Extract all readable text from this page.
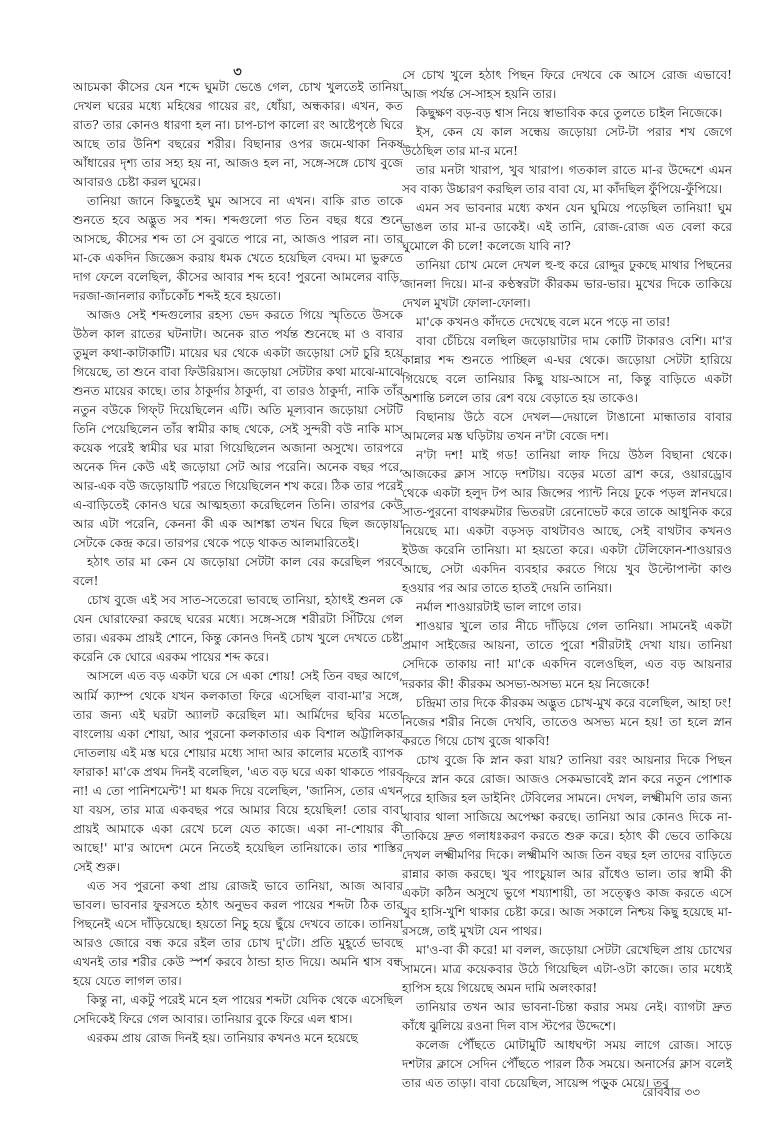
৩

আচমকা কীসের যেন শব্দে ঘুমটা ভেঙে গেল, চোখ খুলতেই তানিয়া দেখল ঘরের মধ্যে মহিষের গায়ের রং, ধোঁয়া, অন্ধকার। এখন, কত রাত? তার কোনও ধারণা হল না। চাপ-চাপ কালো রং আষ্টেপৃষ্ঠে ঘিরে আছে তার উনিশ বছরের শরীর। বিছানার ওপর জমে-থাকা নিকষ আঁধারের দৃশ্য তার সহ্য হয় না, আজও হল না, সঙ্গে-সঙ্গে চোখ বুজে আবারও চেষ্টা করল ঘুমের।

তানিয়া জানে কিছুতেই ঘুম আসবে না এখন। বাকি রাত তাকে শুনতে হবে অদ্ভুত সব শব্দ। শব্দগুলো গত তিন বছর ধরে শুনে আসছে, কীসের শব্দ তা সে বুঝতে পারে না, আজও পারল না। তার মা-কে একদিন জিজ্ঞেস করায় ধমক খেতে হয়েছিল বেদম। মা ভুরুতে দাগ ফেলে বলেছিল, কীসের আবার শব্দ হবে! পুরনো আমলের বাড়ি, দরজা-জানলার ক্যাঁচকোঁচ শব্দই হবে হয়তো।

আজও সেই শব্দগুলোর রহস্য ভেদ করতে গিয়ে স্মৃতিতে উসকে উঠল কাল রাতের ঘটনাটা। অনেক রাত পর্যন্ত শুনেছে মা ও বাবার তুমুল কথা-কাটাকাটি। মায়ের ঘর থেকে একটা জড়োয়া সেট চুরি হয়ে গিয়েছে, তা শুনে বাবা ফিউরিয়াস। জড়োয়া সেটটার কথা মাঝে-মাঝে শুনত মায়ের কাছে। তার ঠাকুর্দার ঠাকুর্দা, বা তারও ঠাকুর্দা, নাকি তাঁর নতুন বউকে গিফ্‌ট দিয়েছিলেন এটি। অতি মূল্যবান জড়োয়া সেটটি তিনি পেয়েছিলেন তাঁর স্বামীর কাছ থেকে, সেই সুন্দরী বউ নাকি মাস কয়েক পরেই স্বামীর ঘর মারা গিয়েছিলেন অজানা অসুখে। তারপরে অনেক দিন কেউ এই জড়োয়া সেট আর পরেনি। অনেক বছর পরে, আর-এক বউ জড়োয়াটি পরতে গিয়েছিলেন শখ করে। ঠিক তার পরেই এ-বাড়িতেই কোনও ঘরে আত্মহত্যা করেছিলেন তিনি। তারপর কেউ আর এটা পরেনি, কেননা কী এক আশঙ্কা তখন ঘিরে ছিল জড়োয়া সেটকে কেন্দ্র করে। তারপর থেকে পড়ে থাকত আলমারিতেই।

হঠাৎ তার মা কেন যে জড়োয়া সেটটা কাল বের করেছিল পরবে বলে!

চোখ বুজে এই সব সাত-সতেরো ভাবছে তানিয়া, হঠাৎই শুনল কে যেন ঘোরাফেরা করছে ঘরের মধ্যে। সঙ্গে-সঙ্গে শরীরটা সিঁটিয়ে গেল তার। এরকম প্রায়ই শোনে, কিন্তু কোনও দিনই চোখ খুলে দেখতে চেষ্টা করেনি কে ঘোরে এরকম পায়ের শব্দ করে।

আসলে এত বড় একটা ঘরে সে একা শোয়! সেই তিন বছর আগে, আর্মি ক্যাম্প থেকে যখন কলকাতা ফিরে এসেছিল বাবা-মা'র সঙ্গে, তার জন্য এই ঘরটা অ্যালট করেছিল মা। আর্মিদের ছবির মতো বাংলোয় একা শোয়া, আর পুরনো কলকাতার এক বিশাল অট্টালিকার দোতলায় এই মস্ত ঘরে শোয়ার মধ্যে সাদা আর কালোর মতোই ব্যাপক ফারাক! মা'কে প্রথম দিনই বলেছিল, 'এত বড় ঘরে একা থাকতে পারব না! এ তো পানিশমেন্ট'! মা ধমক দিয়ে বলেছিল, 'জানিস, তোর এখন যা বয়স, তার মাত্র একবছর পরে আমার বিয়ে হয়েছিল! তোর বাবা প্রায়ই আমাকে একা রেখে চলে যেত কাজে। একা না-শোয়ার কী আছে!' মা'র আদেশ মেনে নিতেই হয়েছিল তানিয়াকে। তার শাস্তির সেই শুরু।

এত সব পুরনো কথা প্রায় রোজই ভাবে তানিয়া, আজ আবার ভাবল। ভাবনার ফুরসতে হঠাৎ অনুভব করল পায়ের শব্দটা ঠিক তার পিছনেই এসে দাঁড়িয়েছে। হয়তো নিচু হয়ে ছুঁয়ে দেখবে তাকে। তানিয়া আরও জোরে বন্ধ করে রইল তার চোখ দু'টো। প্রতি মুহূর্তে ভাবছে এখনই তার শরীর কেউ স্পর্শ করবে ঠান্ডা হাত দিয়ে। অমনি শ্বাস বন্ধ হয়ে যেতে লাগল তার।

কিন্তু না, একটু পরেই মনে হল পায়ের শব্দটা যেদিক থেকে এসেছিল সেদিকেই ফিরে গেল আবার। তানিয়ার বুকে ফিরে এল শ্বাস।

এরকম প্রায় রোজ দিনই হয়। তানিয়ার কখনও মনে হয়েছে

সে চোখ খুলে হঠাৎ পিছন ফিরে দেখবে কে আসে রোজ এভাবে! আজ পর্যন্ত সে-সাহস হয়নি তার।

কিছুক্ষণ বড়-বড় শ্বাস নিয়ে স্বাভাবিক করে তুলতে চাইল নিজেকে।

ইস, কেন যে কাল সন্ধেয় জড়োয়া সেট-টা পরার শখ জেগে উঠেছিল তার মা-র মনে!

তার মনটা খারাপ, খুব খারাপ। গতকাল রাতে মা-র উদ্দেশে এমন সব বাক্য উচ্চারণ করছিল তার বাবা যে, মা কাঁদছিল ফুঁপিয়ে-ফুঁপিয়ে।

এমন সব ভাবনার মধ্যে কখন যেন ঘুমিয়ে পড়েছিল তানিয়া! ঘুম ভাঙল তার মা-র ডাকেই। এই তানি, রোজ-রোজ এত বেলা করে ঘুমোলে কী চলে! কলেজে যাবি না?

তানিয়া চোখ মেলে দেখল হু-হু করে রোদ্দুর ঢুকছে মাথার পিছনের জানলা দিয়ে। মা-র কণ্ঠস্বরটা কীরকম ভার-ভার। মুখের দিকে তাকিয়ে দেখল মুখটা ফোলা-ফোলা।

মা'কে কখনও কাঁদতে দেখেছে বলে মনে পড়ে না তার!

বাবা চেঁচিয়ে বলছিল জড়োয়াটার দাম কোটি টাকারও বেশি। মা'র কান্নার শব্দ শুনতে পাচ্ছিল এ-ঘর থেকে। জড়োয়া সেটটা হারিয়ে গিয়েছে বলে তানিয়ার কিছু যায়-আসে না, কিন্তু বাড়িতে একটা অশান্তি চললে তার রেশ বয়ে বেড়াতে হয় তাকেও।

বিছানায় উঠে বসে দেখল—দেয়ালে টাঙানো মান্ধাতার বাবার আমলের মস্ত ঘড়িটায় তখন ন'টা বেজে দশ।

ন'টা দশ! মাই গড! তানিয়া লাফ দিয়ে উঠল বিছানা থেকে। আজকের ক্লাস সাড়ে দশটায়। বড়ের মতো ব্রাশ করে, ওয়ারড্রোব থেকে একটা হলুদ টপ আর জিন্সের প্যান্ট নিয়ে ঢুকে পড়ল স্নানঘরে। সাত-পুরনো বাথরুমটার ভিতরটা রেনোভেট করে তাকে আধুনিক করে নিয়েছে মা। একটা বড়সড় বাথটাবও আছে, সেই বাথটাব কখনও ইউজ করেনি তানিয়া। মা হয়তো করে। একটা টেলিফোন-শাওয়ারও আছে, সেটা একদিন ব্যবহার করতে গিয়ে খুব উল্টোপাল্টা কাণ্ড হওয়ার পর আর তাতে হাতই দেয়নি তানিয়া।

নর্মাল শাওয়ারটাই ভাল লাগে তার।

শাওয়ার খুলে তার নীচে দাঁড়িয়ে গেল তানিয়া। সামনেই একটা প্রমাণ সাইজের আয়না, তাতে পুরো শরীরটাই দেখা যায়। তানিয়া সেদিকে তাকায় না! মা'কে একদিন বলেওছিল, এত বড় আয়নার দরকার কী! কীরকম অসভ্য-অসভ্য মনে হয় নিজেকে!

চন্দ্রিমা তার দিকে কীরকম অদ্ভুত চোখ-মুখ করে বলেছিল, আহা ঢং! নিজের শরীর নিজে দেখবি, তাতেও অসভ্য মনে হয়! তা হলে স্নান করতে গিয়ে চোখ বুজে থাকবি!

চোখ বুজে কি স্নান করা যায়? তানিয়া বরং আয়নার দিকে পিছন ফিরে স্নান করে রোজ। আজও সেকমভাবেই স্নান করে নতুন পোশাক পরে হাজির হল ডাইনিং টেবিলের সামনে। দেখল, লক্ষ্মীমণি তার জন্য খাবার থালা সাজিয়ে অপেক্ষা করছে। তানিয়া আর কোনও দিকে না-তাকিয়ে দ্রুত গলাধঃকরণ করতে শুরু করে। হঠাৎ কী ভেবে তাকিয়ে দেখল লক্ষ্মীমণির দিকে। লক্ষ্মীমণি আজ তিন বছর হল তাদের বাড়িতে রান্নার কাজ করছে। খুব পাংচুয়াল আর রাঁধেও ভাল। তার স্বামী কী একটা কঠিন অসুখে ভুগে শয্যাশায়ী, তা সত্ত্বেও কাজ করতে এসে খুব হাসি-খুশি থাকার চেষ্টা করে। আজ সকালে নিশ্চয় কিছু হয়েছে মা-রসঙ্গে, তাই মুখটা যেন পাথর।

মা'ও-বা কী করে! মা বলল, জড়োয়া সেটটা রেখেছিল প্রায় চোখের সামনে। মাত্র কয়েকবার উঠে গিয়েছিল এটা-ওটা কাজে। তার মধ্যেই হাপিস হয়ে গিয়েছে অমন দামি অলংকার!

তানিয়ার তখন আর ভাবনা-চিন্তা করার সময় নেই। ব্যাগটা দ্রুত কাঁধে ঝুলিয়ে রওনা দিল বাস স্টপের উদ্দেশে।

কলেজ পৌঁছতে মোটামুটি আধঘণ্টা সময় লাগে রোজ। সাড়ে দশটার ক্লাসে সেদিন পৌঁছতে পারল ঠিক সময়ে। অনার্সের ক্লাস বলেই তার এত তাড়া। বাবা চেয়েছিল, সায়েন্স পড়ুক মেয়ে। তবু

রোববার ৩৩
